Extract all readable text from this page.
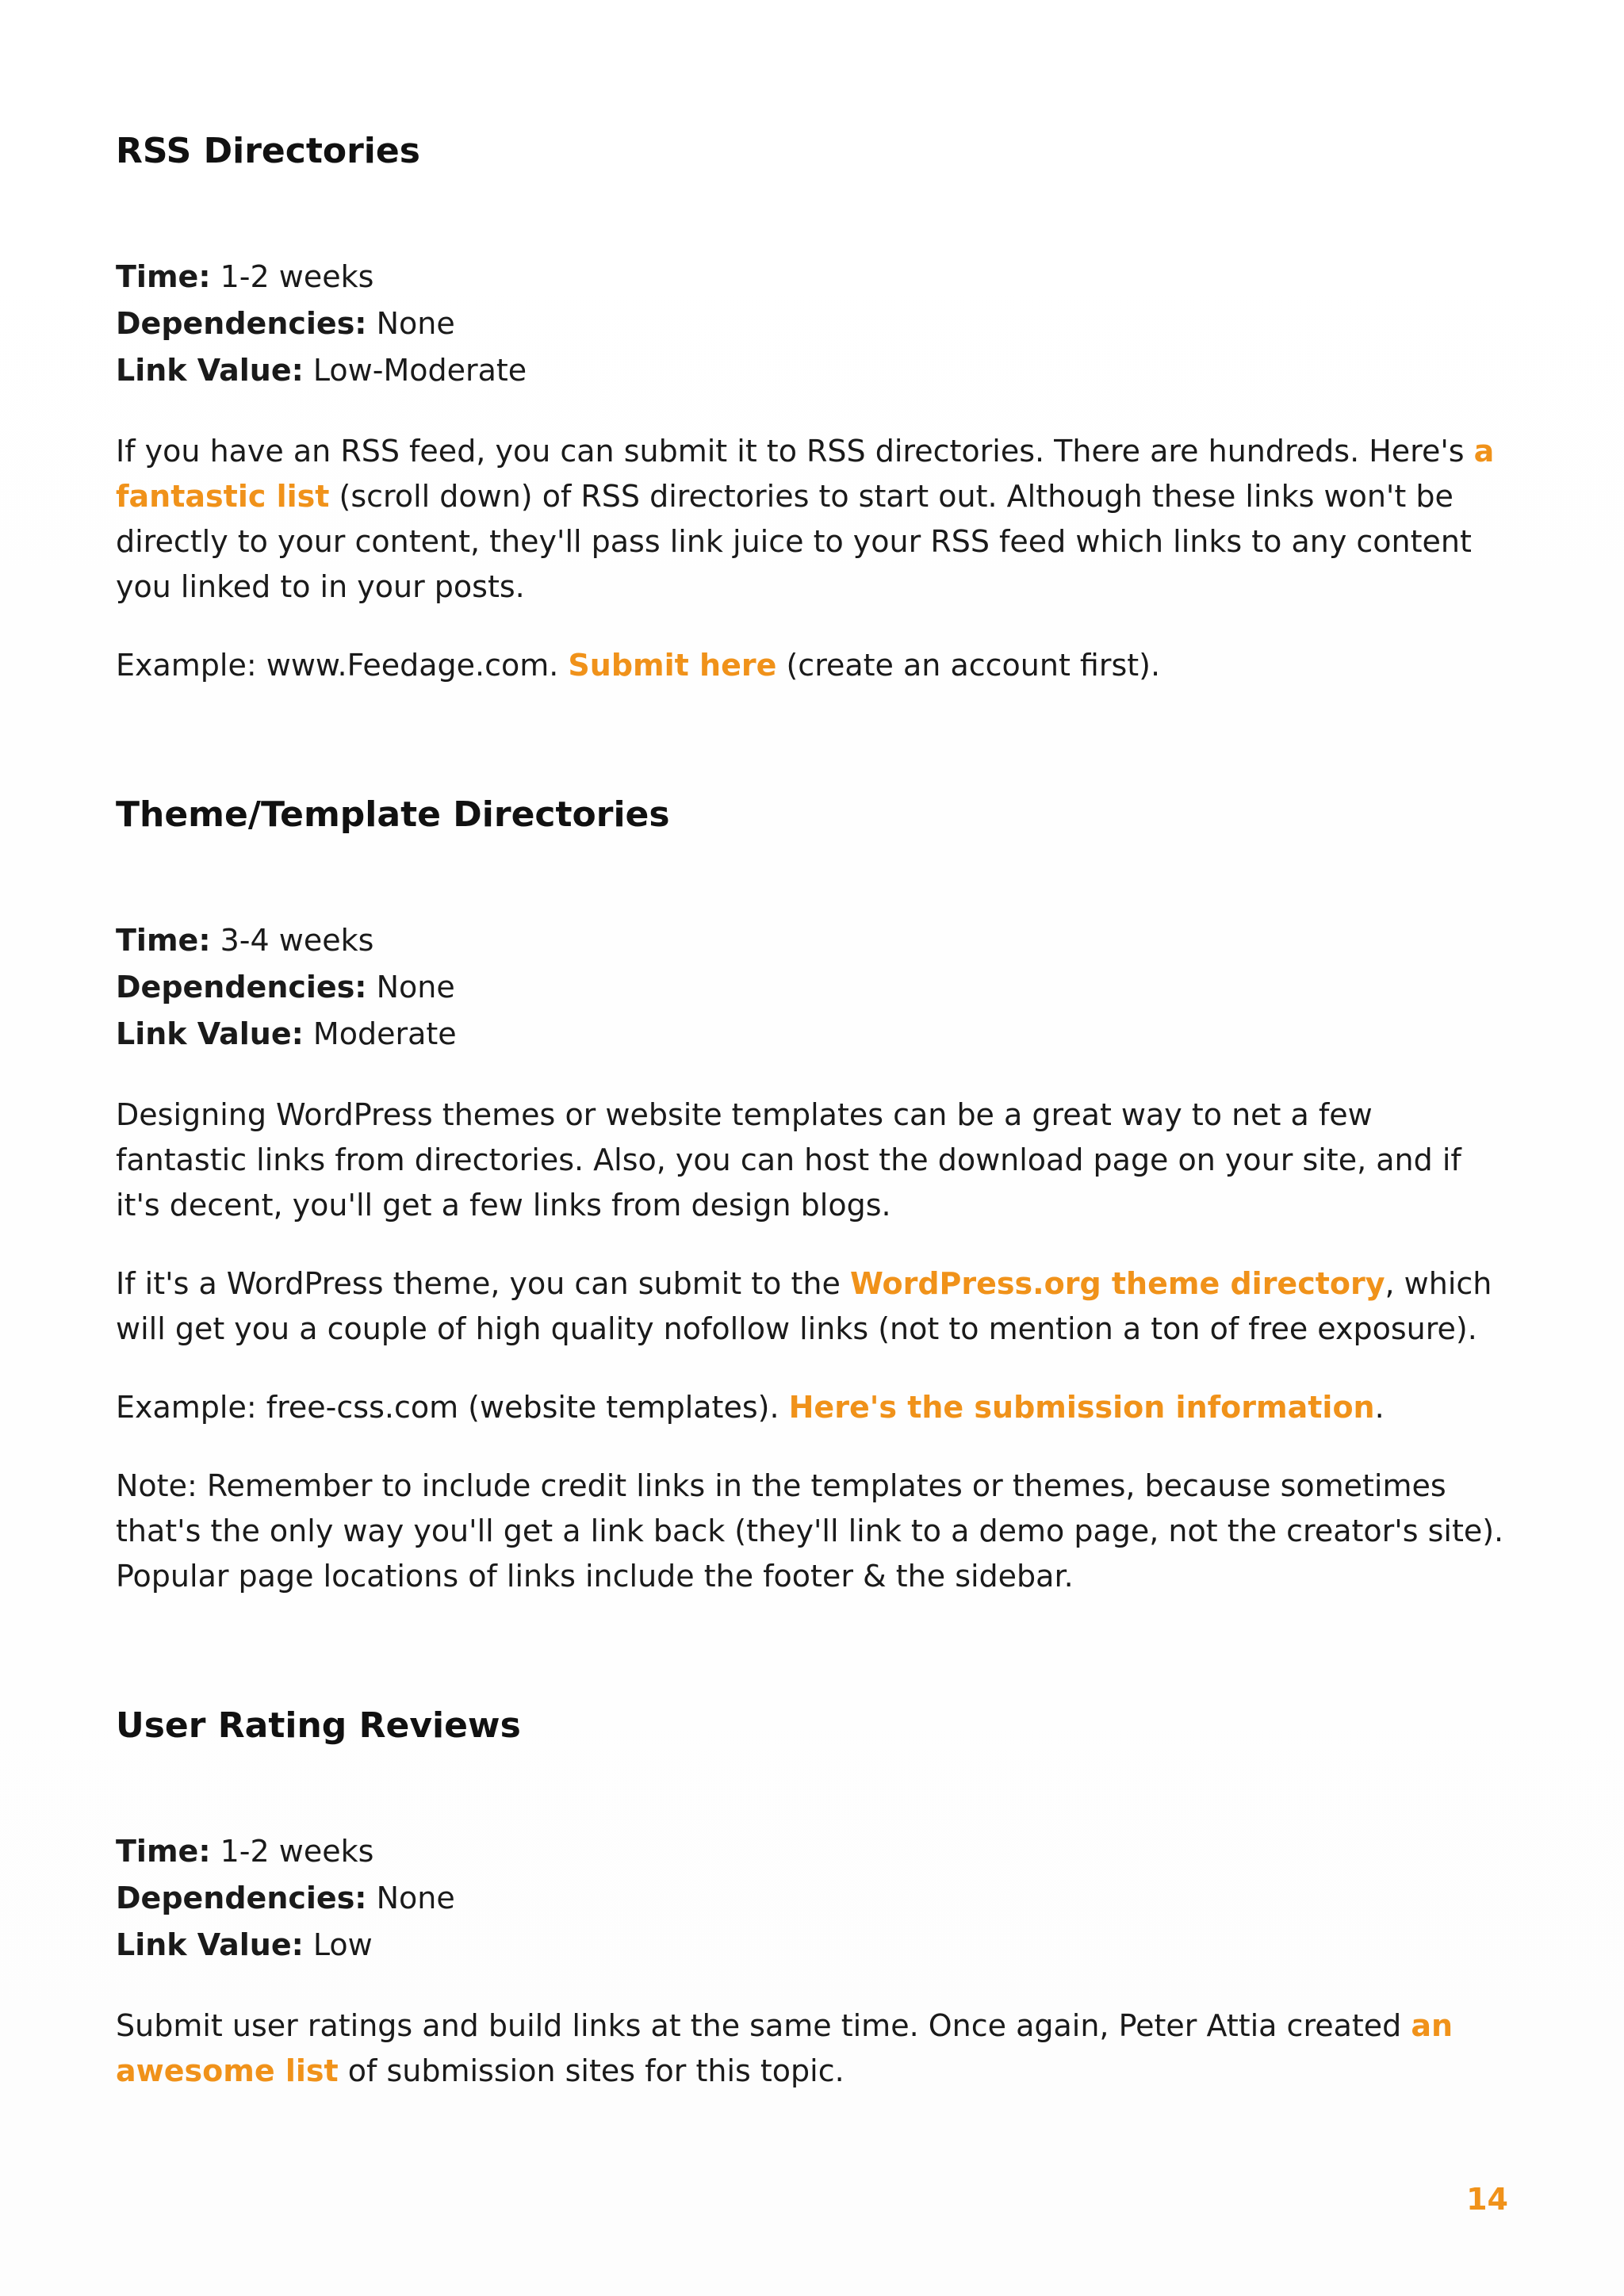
RSS Directories
Time: 1-2 weeks
Dependencies: None
Link Value: Low-Moderate

If you have an RSS feed, you can submit it to RSS directories. There are hundreds. Here's a fantastic list (scroll down) of RSS directories to start out. Although these links won't be directly to your content, they'll pass link juice to your RSS feed which links to any content you linked to in your posts.

Example: www.Feedage.com. Submit here (create an account first).

Theme/Template Directories
Time: 3-4 weeks
Dependencies: None
Link Value: Moderate

Designing WordPress themes or website templates can be a great way to net a few fantastic links from directories. Also, you can host the download page on your site, and if it's decent, you'll get a few links from design blogs.

If it's a WordPress theme, you can submit to the WordPress.org theme directory, which will get you a couple of high quality nofollow links (not to mention a ton of free exposure).

Example: free-css.com (website templates). Here's the submission information.

Note: Remember to include credit links in the templates or themes, because sometimes that's the only way you'll get a link back (they'll link to a demo page, not the creator's site). Popular page locations of links include the footer & the sidebar.

User Rating Reviews
Time: 1-2 weeks
Dependencies: None
Link Value: Low

Submit user ratings and build links at the same time. Once again, Peter Attia created an awesome list of submission sites for this topic.

14
